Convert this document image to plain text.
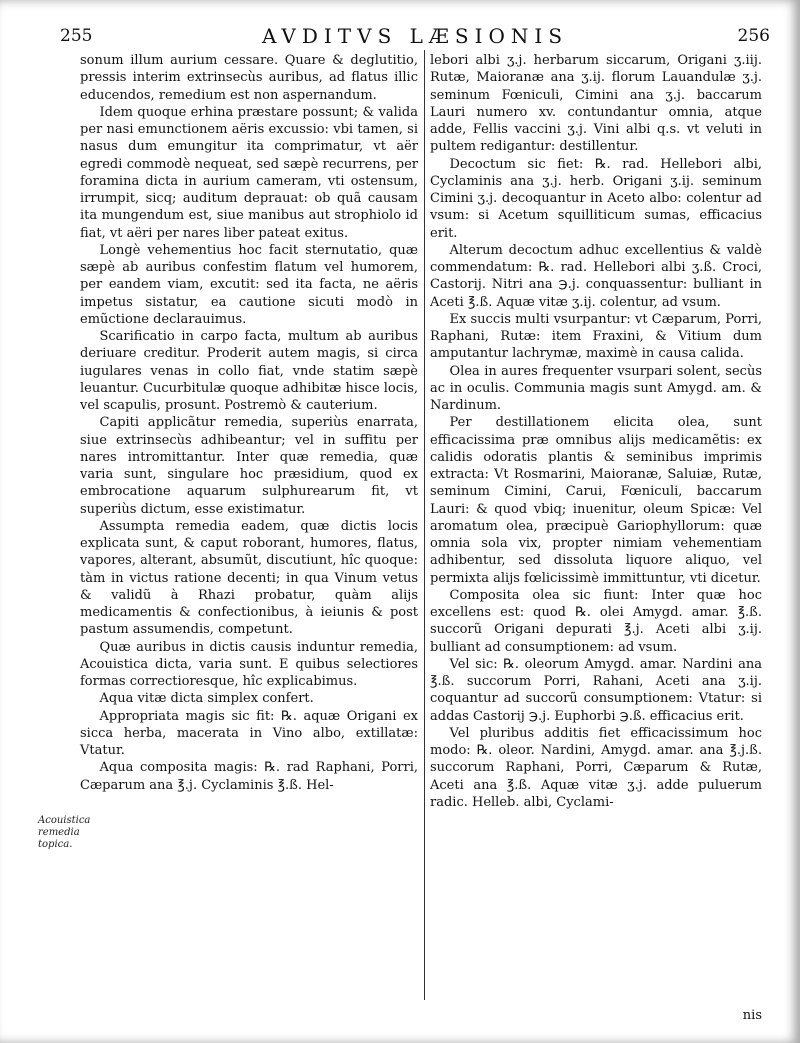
255	AVDITVS LÆSIONIS	256

sonum illum aurium cessare. Quare & deglutitio, pressis interim extrinsecùs auribus, ad flatus illic educendos, remedium est non aspernandum.

Idem quoque erhina præstare possunt; & valida per nasi emunctionem aëris excussio: vbi tamen, si nasus dum emungitur ita comprimatur, vt aër egredi commodè nequeat, sed sæpè recurrens, per foramina dicta in aurium cameram, vti ostensum, irrumpit, sicq; auditum deprauat: ob quã causam ita mungendum est, siue manibus aut strophiolo id fiat, vt aëri per nares liber pateat exitus.

Longè vehementius hoc facit sternutatio, quæ sæpè ab auribus confestim flatum vel humorem, per eandem viam, excutit: sed ita facta, ne aëris impetus sistatur, ea cautione sicuti modò in emũctione declarauimus.

Scarificatio in carpo facta, multum ab auribus deriuare creditur. Proderit autem magis, si circa iugulares venas in collo fiat, vnde statim sæpè leuantur. Cucurbitulæ quoque adhibitæ hisce locis, vel scapulis, prosunt. Postremò & cauterium.

Capiti applicãtur remedia, superiùs enarrata, siue extrinsecùs adhibeantur; vel in suffitu per nares intromittantur. Inter quæ remedia, quæ varia sunt, singulare hoc præsidium, quod ex embrocatione aquarum sulphurearum fit, vt superiùs dictum, esse existimatur.

Assumpta remedia eadem, quæ dictis locis explicata sunt, & caput roborant, humores, flatus, vapores, alterant, absumũt, discutiunt, hîc quoque: tàm in victus ratione decenti; in qua Vinum vetus & validũ à Rhazi probatur, quàm alijs medicamentis & confectionibus, à ieiunis & post pastum assumendis, competunt.

Quæ auribus in dictis causis induntur remedia, Acouistica dicta, varia sunt. E quibus selectiores formas correctioresque, hîc explicabimus.

Aqua vitæ dicta simplex confert.

Appropriata magis sic fit: ℞. aquæ Origani ex sicca herba, macerata in Vino albo, extillatæ: Vtatur.

Aqua composita magis: ℞. rad Raphani, Porri, Cæparum ana ℥.j. Cyclaminis ℥.ß. Hel-

lebori albi ʒ.j. herbarum siccarum, Origani ʒ.iij. Rutæ, Maioranæ ana ʒ.ij. florum Lauandulæ ʒ.j. seminum Fœniculi, Cimini ana ʒ.j. baccarum Lauri numero xv. contundantur omnia, atque adde, Fellis vaccini ʒ.j. Vini albi q.s. vt veluti in pultem redigantur: destillentur.

Decoctum sic fiet: ℞. rad. Hellebori albi, Cyclaminis ana ʒ.j. herb. Origani ʒ.ij. seminum Cimini ʒ.j. decoquantur in Aceto albo: colentur ad vsum: si Acetum squilliticum sumas, efficacius erit.

Alterum decoctum adhuc excellentius & valdè commendatum: ℞. rad. Hellebori albi ʒ.ß. Croci, Castorij. Nitri ana ℈.j. conquassentur: bulliant in Aceti ℥.ß. Aquæ vitæ ʒ.ij. colentur, ad vsum.

Ex succis multi vsurpantur: vt Cæparum, Porri, Raphani, Rutæ: item Fraxini, & Vitium dum amputantur lachrymæ, maximè in causa calida.

Olea in aures frequenter vsurpari solent, secùs ac in oculis. Communia magis sunt Amygd. am. & Nardinum.

Per destillationem elicita olea, sunt efficacissima præ omnibus alijs medicamẽtis: ex calidis odoratis plantis & seminibus imprimis extracta: Vt Rosmarini, Maioranæ, Saluiæ, Rutæ, seminum Cimini, Carui, Fœniculi, baccarum Lauri: & quod vbiq; inuenitur, oleum Spicæ: Vel aromatum olea, præcipuè Gariophyllorum: quæ omnia sola vix, propter nimiam vehementiam adhibentur, sed dissoluta liquore aliquo, vel permixta alijs fœlicissimè immittuntur, vti dicetur.

Composita olea sic fiunt: Inter quæ hoc excellens est: quod ℞. olei Amygd. amar. ℥.ß. succorũ Origani depurati ℥.j. Aceti albi ʒ.ij. bulliant ad consumptionem: ad vsum.

Vel sic: ℞. oleorum Amygd. amar. Nardini ana ℥.ß. succorum Porri, Rahani, Aceti ana ʒ.ij. coquantur ad succorũ consumptionem: Vtatur: si addas Castorij ℈.j. Euphorbi ℈.ß. efficacius erit.

Vel pluribus additis fiet efficacissimum hoc modo: ℞. oleor. Nardini, Amygd. amar. ana ℥.j.ß. succorum Raphani, Porri, Cæparum & Rutæ, Aceti ana ℥.ß. Aquæ vitæ ʒ.j. adde puluerum radic. Helleb. albi, Cyclami-

Acouistica remedia topica.
nis
